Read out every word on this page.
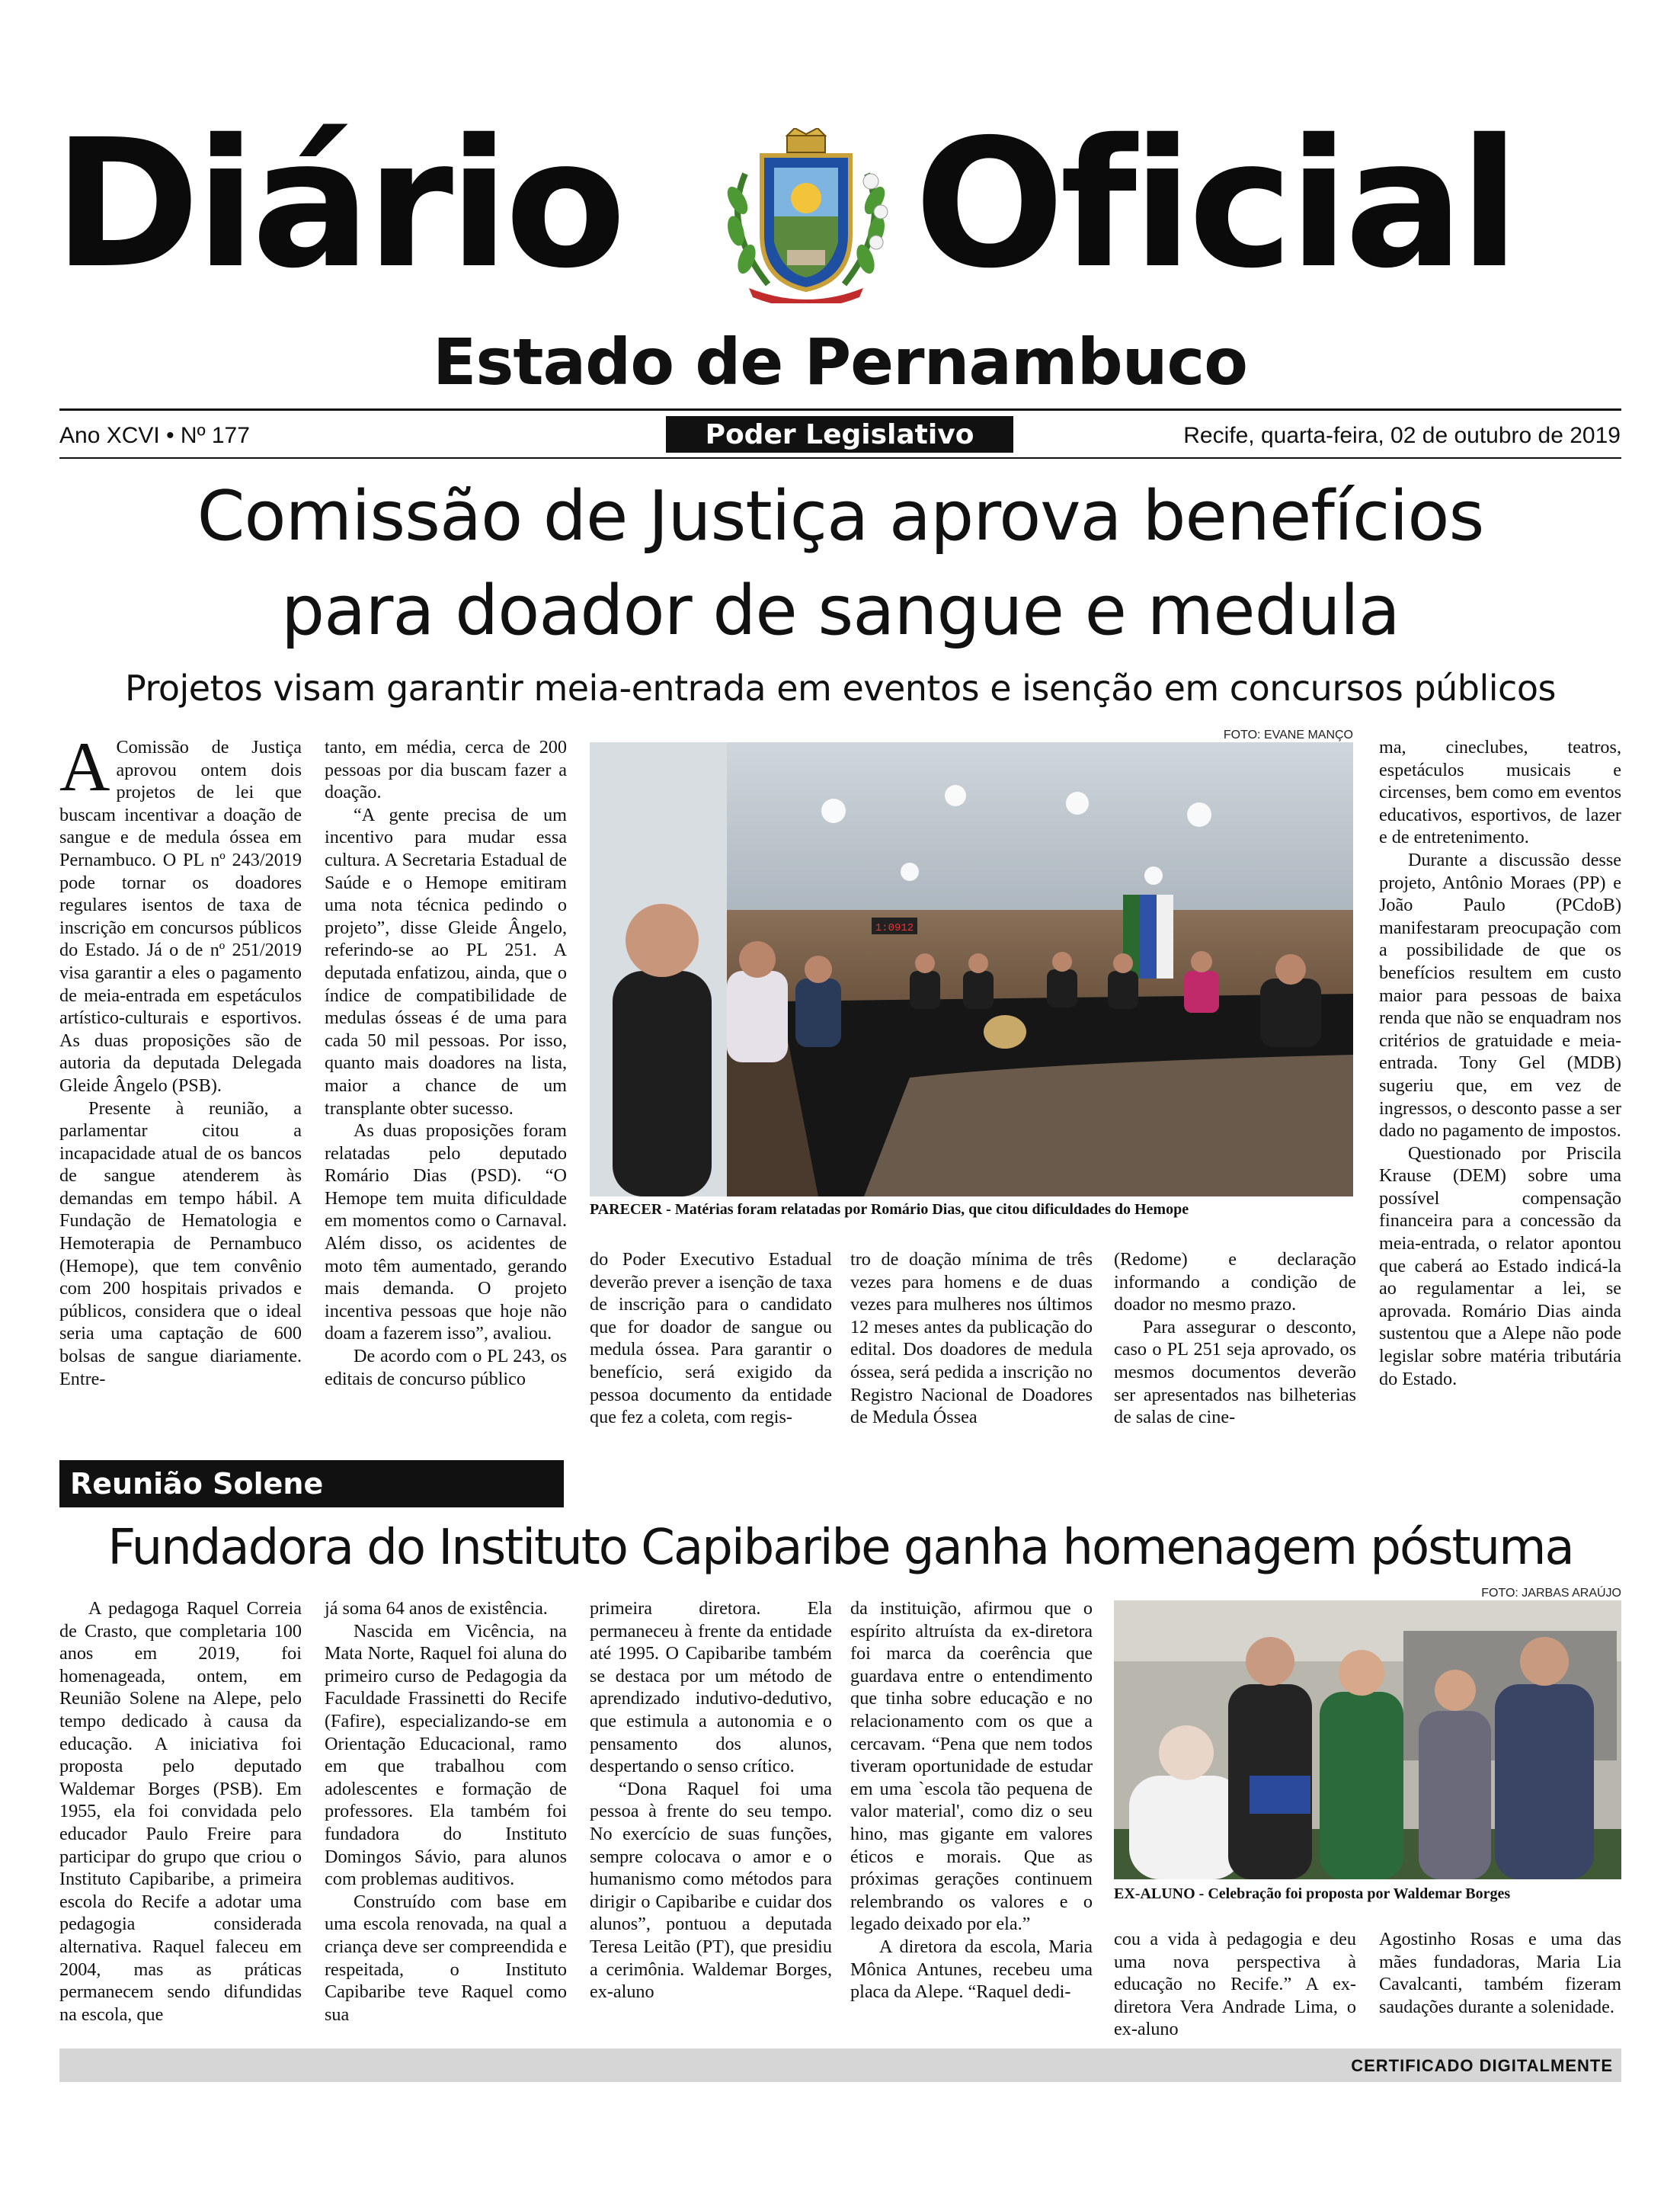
Diário Oficial
Estado de Pernambuco
Ano XCVI • Nº 177	Poder Legislativo	Recife, quarta-feira, 02 de outubro de 2019
Comissão de Justiça aprova benefícios
para doador de sangue e medula
Projetos visam garantir meia-entrada em eventos e isenção em concursos públicos

A Comissão de Justiça aprovou ontem dois projetos de lei que buscam incentivar a doação de sangue e de medula óssea em Pernambuco. O PL nº 243/2019 pode tornar os doadores regulares isentos de taxa de inscrição em concursos públicos do Estado. Já o de nº 251/2019 visa garantir a eles o pagamento de meia-entrada em espetáculos artístico-culturais e esportivos. As duas proposições são de autoria da deputada Delegada Gleide Ângelo (PSB).

Presente à reunião, a parlamentar citou a incapacidade atual de os bancos de sangue atenderem às demandas em tempo hábil. A Fundação de Hematologia e Hemoterapia de Pernambuco (Hemope), que tem convênio com 200 hospitais privados e públicos, considera que o ideal seria uma captação de 600 bolsas de sangue diariamente. Entre-

tanto, em média, cerca de 200 pessoas por dia buscam fazer a doação.

“A gente precisa de um incentivo para mudar essa cultura. A Secretaria Estadual de Saúde e o Hemope emitiram uma nota técnica pedindo o projeto”, disse Gleide Ângelo, referindo-se ao PL 251. A deputada enfatizou, ainda, que o índice de compatibilidade de medulas ósseas é de uma para cada 50 mil pessoas. Por isso, quanto mais doadores na lista, maior a chance de um transplante obter sucesso.

As duas proposições foram relatadas pelo deputado Romário Dias (PSD). “O Hemope tem muita dificuldade em momentos como o Carnaval. Além disso, os acidentes de moto têm aumentado, gerando mais demanda. O projeto incentiva pessoas que hoje não doam a fazerem isso”, avaliou.

De acordo com o PL 243, os editais de concurso público

FOTO: EVANE MANÇO
1:0912
PARECER - Matérias foram relatadas por Romário Dias, que citou dificuldades do Hemope

do Poder Executivo Estadual deverão prever a isenção de taxa de inscrição para o candidato que for doador de sangue ou medula óssea. Para garantir o benefício, será exigido da pessoa documento da entidade que fez a coleta, com regis-

tro de doação mínima de três vezes para homens e de duas vezes para mulheres nos últimos 12 meses antes da publicação do edital. Dos doadores de medula óssea, será pedida a inscrição no Registro Nacional de Doadores de Medula Óssea

(Redome) e declaração informando a condição de doador no mesmo prazo.

Para assegurar o desconto, caso o PL 251 seja aprovado, os mesmos documentos deverão ser apresentados nas bilheterias de salas de cine-

ma, cineclubes, teatros, espetáculos musicais e circenses, bem como em eventos educativos, esportivos, de lazer e de entretenimento.

Durante a discussão desse projeto, Antônio Moraes (PP) e João Paulo (PCdoB) manifestaram preocupação com a possibilidade de que os benefícios resultem em custo maior para pessoas de baixa renda que não se enquadram nos critérios de gratuidade e meia-entrada. Tony Gel (MDB) sugeriu que, em vez de ingressos, o desconto passe a ser dado no pagamento de impostos.

Questionado por Priscila Krause (DEM) sobre uma possível compensação financeira para a concessão da meia-entrada, o relator apontou que caberá ao Estado indicá-la ao regulamentar a lei, se aprovada. Romário Dias ainda sustentou que a Alepe não pode legislar sobre matéria tributária do Estado.

Reunião Solene
Fundadora do Instituto Capibaribe ganha homenagem póstuma

A pedagoga Raquel Correia de Crasto, que completaria 100 anos em 2019, foi homenageada, ontem, em Reunião Solene na Alepe, pelo tempo dedicado à causa da educação. A iniciativa foi proposta pelo deputado Waldemar Borges (PSB). Em 1955, ela foi convidada pelo educador Paulo Freire para participar do grupo que criou o Instituto Capibaribe, a primeira escola do Recife a adotar uma pedagogia considerada alternativa. Raquel faleceu em 2004, mas as práticas permanecem sendo difundidas na escola, que

já soma 64 anos de existência.

Nascida em Vicência, na Mata Norte, Raquel foi aluna do primeiro curso de Pedagogia da Faculdade Frassinetti do Recife (Fafire), especializando-se em Orientação Educacional, ramo em que trabalhou com adolescentes e formação de professores. Ela também foi fundadora do Instituto Domingos Sávio, para alunos com problemas auditivos.

Construído com base em uma escola renovada, na qual a criança deve ser compreendida e respeitada, o Instituto Capibaribe teve Raquel como sua

primeira diretora. Ela permaneceu à frente da entidade até 1995. O Capibaribe também se destaca por um método de aprendizado indutivo-dedutivo, que estimula a autonomia e o pensamento dos alunos, despertando o senso crítico.

“Dona Raquel foi uma pessoa à frente do seu tempo. No exercício de suas funções, sempre colocava o amor e o humanismo como métodos para dirigir o Capibaribe e cuidar dos alunos”, pontuou a deputada Teresa Leitão (PT), que presidiu a cerimônia. Waldemar Borges, ex-aluno

da instituição, afirmou que o espírito altruísta da ex-diretora foi marca da coerência que guardava entre o entendimento que tinha sobre educação e no relacionamento com os que a cercavam. “Pena que nem todos tiveram oportunidade de estudar em uma `escola tão pequena de valor material', como diz o seu hino, mas gigante em valores éticos e morais. Que as próximas gerações continuem relembrando os valores e o legado deixado por ela.”

A diretora da escola, Maria Mônica Antunes, recebeu uma placa da Alepe. “Raquel dedi-

FOTO: JARBAS ARAÚJO
EX-ALUNO - Celebração foi proposta por Waldemar Borges

cou a vida à pedagogia e deu uma nova perspectiva à educação no Recife.” A ex-diretora Vera Andrade Lima, o ex-aluno

Agostinho Rosas e uma das mães fundadoras, Maria Lia Cavalcanti, também fizeram saudações durante a solenidade.

CERTIFICADO DIGITALMENTE
